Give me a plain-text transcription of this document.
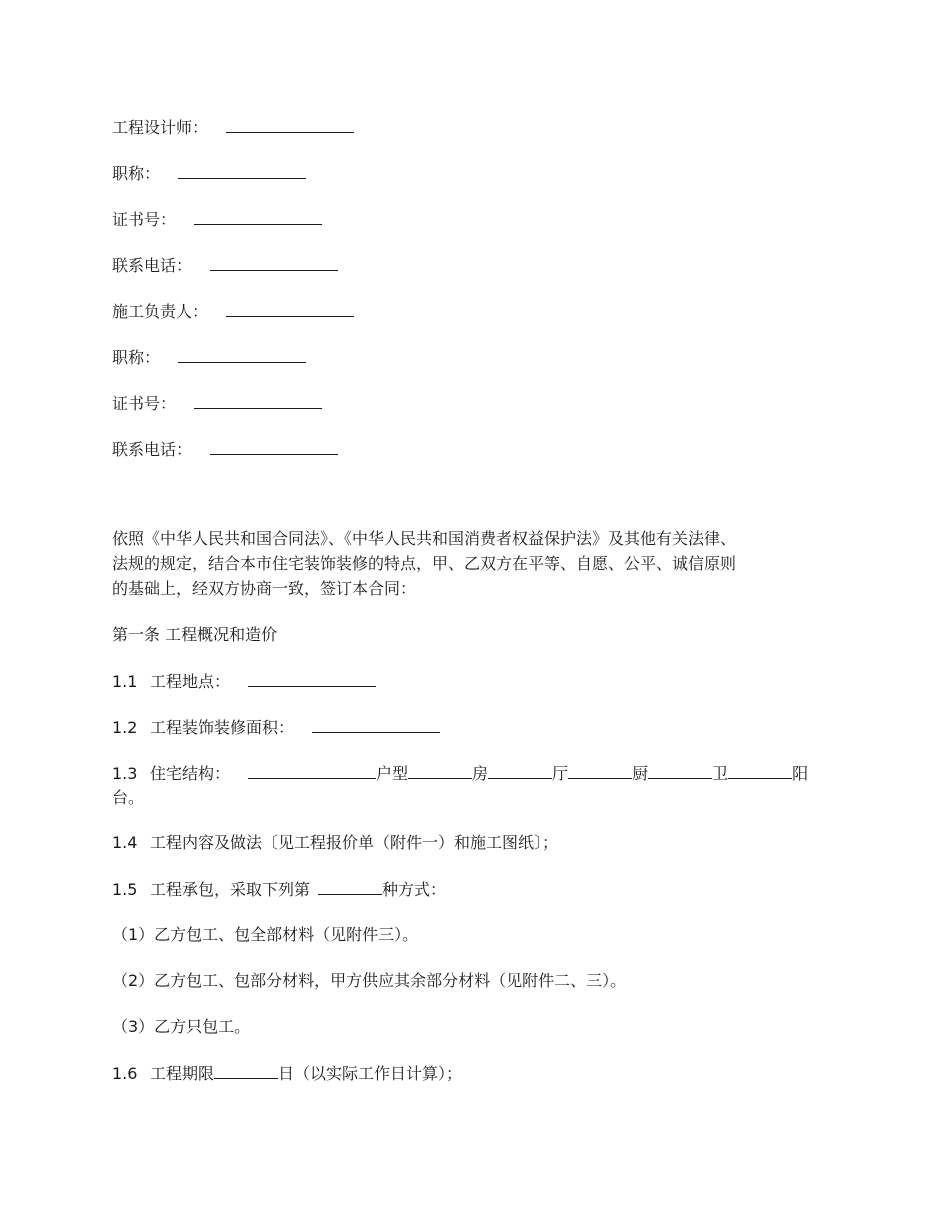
工程设计师：
职称：
证书号：
联系电话：
施工负责人：
职称：
证书号：
联系电话：
依照《中华人民共和国合同法》、《中华人民共和国消费者权益保护法》及其他有关法律、
法规的规定，结合本市住宅装饰装修的特点，甲、乙双方在平等、自愿、公平、诚信原则
的基础上，经双方协商一致，签订本合同：
第一条 工程概况和造价
1.1 工程地点：
1.2 工程装饰装修面积：
1.3 住宅结构：	户型	房	厅	厨	卫	阳
台。
1.4 工程内容及做法〔见工程报价单（附件一）和施工图纸〕；
1.5 工程承包，采取下列第	种方式：
（1）乙方包工、包全部材料（见附件三）。
（2）乙方包工、包部分材料，甲方供应其余部分材料（见附件二、三）。
（3）乙方只包工。
1.6 工程期限	日（以实际工作日计算）；
